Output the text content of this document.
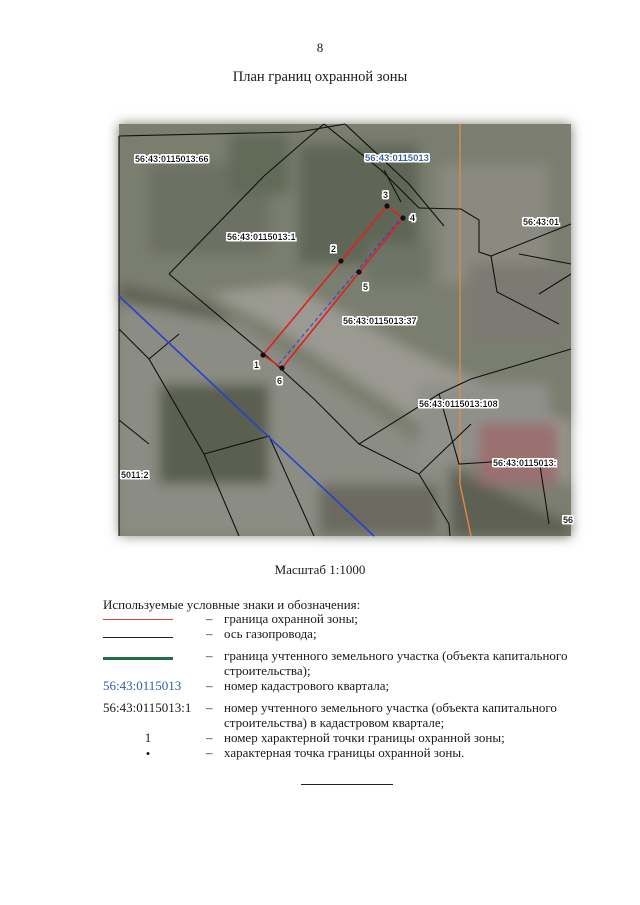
8
План границ охранной зоны
1
2
3
4
5
6
56:43:0115013
56:43:0115013:66
56:43:0115013:1
56:43:0115013:37
56:43:0115013:108
56:43:01
56:43:0115013:
5011:2
56
Масштаб 1:1000
Используемые условные знаки и обозначения:
– граница охранной зоны;
– ось газопровода;
– граница учтенного земельного участка (объекта капитального строительства);
56:43:0115013	– номер кадастрового квартала;
56:43:0115013:1	– номер учтенного земельного участка (объекта капитального строительства) в кадастровом квартале;
1	– номер характерной точки границы охранной зоны;
•	– характерная точка границы охранной зоны.
